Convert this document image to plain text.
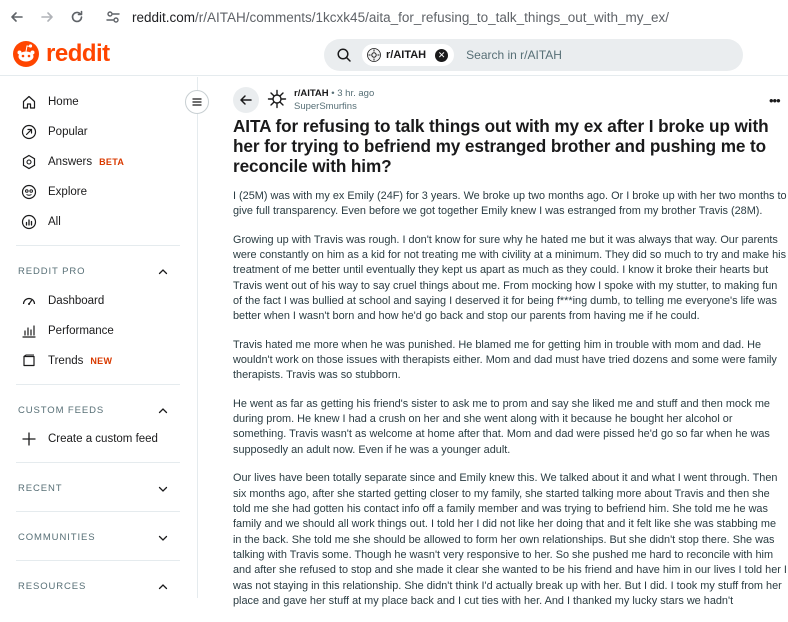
reddit.com/r/AITAH/comments/1kcxk45/aita_for_refusing_to_talk_things_out_with_my_ex/
reddit	r/AITAH	✕ Search in r/AITAH
Home
Popular
Answers BETA
Explore
All
REDDIT PRO
Dashboard
Performance
Trends NEW
CUSTOM FEEDS
Create a custom feed
RECENT
COMMUNITIES
RESOURCES
r/AITAH • 3 hr. ago
SuperSmurfins	•••
AITA for refusing to talk things out with my ex after I broke up with her for trying to befriend my estranged brother and pushing me to reconcile with him?

I (25M) was with my ex Emily (24F) for 3 years. We broke up two months ago. Or I broke up with her two months to give full transparency. Even before we got together Emily knew I was estranged from my brother Travis (28M).

Growing up with Travis was rough. I don't know for sure why he hated me but it was always that way. Our parents were constantly on him as a kid for not treating me with civility at a minimum. They did so much to try and make his treatment of me better until eventually they kept us apart as much as they could. I know it broke their hearts but Travis went out of his way to say cruel things about me. From mocking how I spoke with my stutter, to making fun of the fact I was bullied at school and saying I deserved it for being f***ing dumb, to telling me everyone's life was better when I wasn't born and how he'd go back and stop our parents from having me if he could.

Travis hated me more when he was punished. He blamed me for getting him in trouble with mom and dad. He wouldn't work on those issues with therapists either. Mom and dad must have tried dozens and some were family therapists. Travis was so stubborn.

He went as far as getting his friend's sister to ask me to prom and say she liked me and stuff and then mock me during prom. He knew I had a crush on her and she went along with it because he bought her alcohol or something. Travis wasn't as welcome at home after that. Mom and dad were pissed he'd go so far when he was supposedly an adult now. Even if he was a younger adult.

Our lives have been totally separate since and Emily knew this. We talked about it and what I went through. Then six months ago, after she started getting closer to my family, she started talking more about Travis and then she told me she had gotten his contact info off a family member and was trying to befriend him. She told me he was family and we should all work things out. I told her I did not like her doing that and it felt like she was stabbing me in the back. She told me she should be allowed to form her own relationships. But she didn't stop there. She was talking with Travis some. Though he wasn't very responsive to her. So she pushed me hard to reconcile with him and after she refused to stop and she made it clear she wanted to be his friend and have him in our lives I told her I was not staying in this relationship. She didn't think I'd actually break up with her. But I did. I took my stuff from her place and gave her stuff at my place back and I cut ties with her. And I thanked my lucky stars we hadn't
